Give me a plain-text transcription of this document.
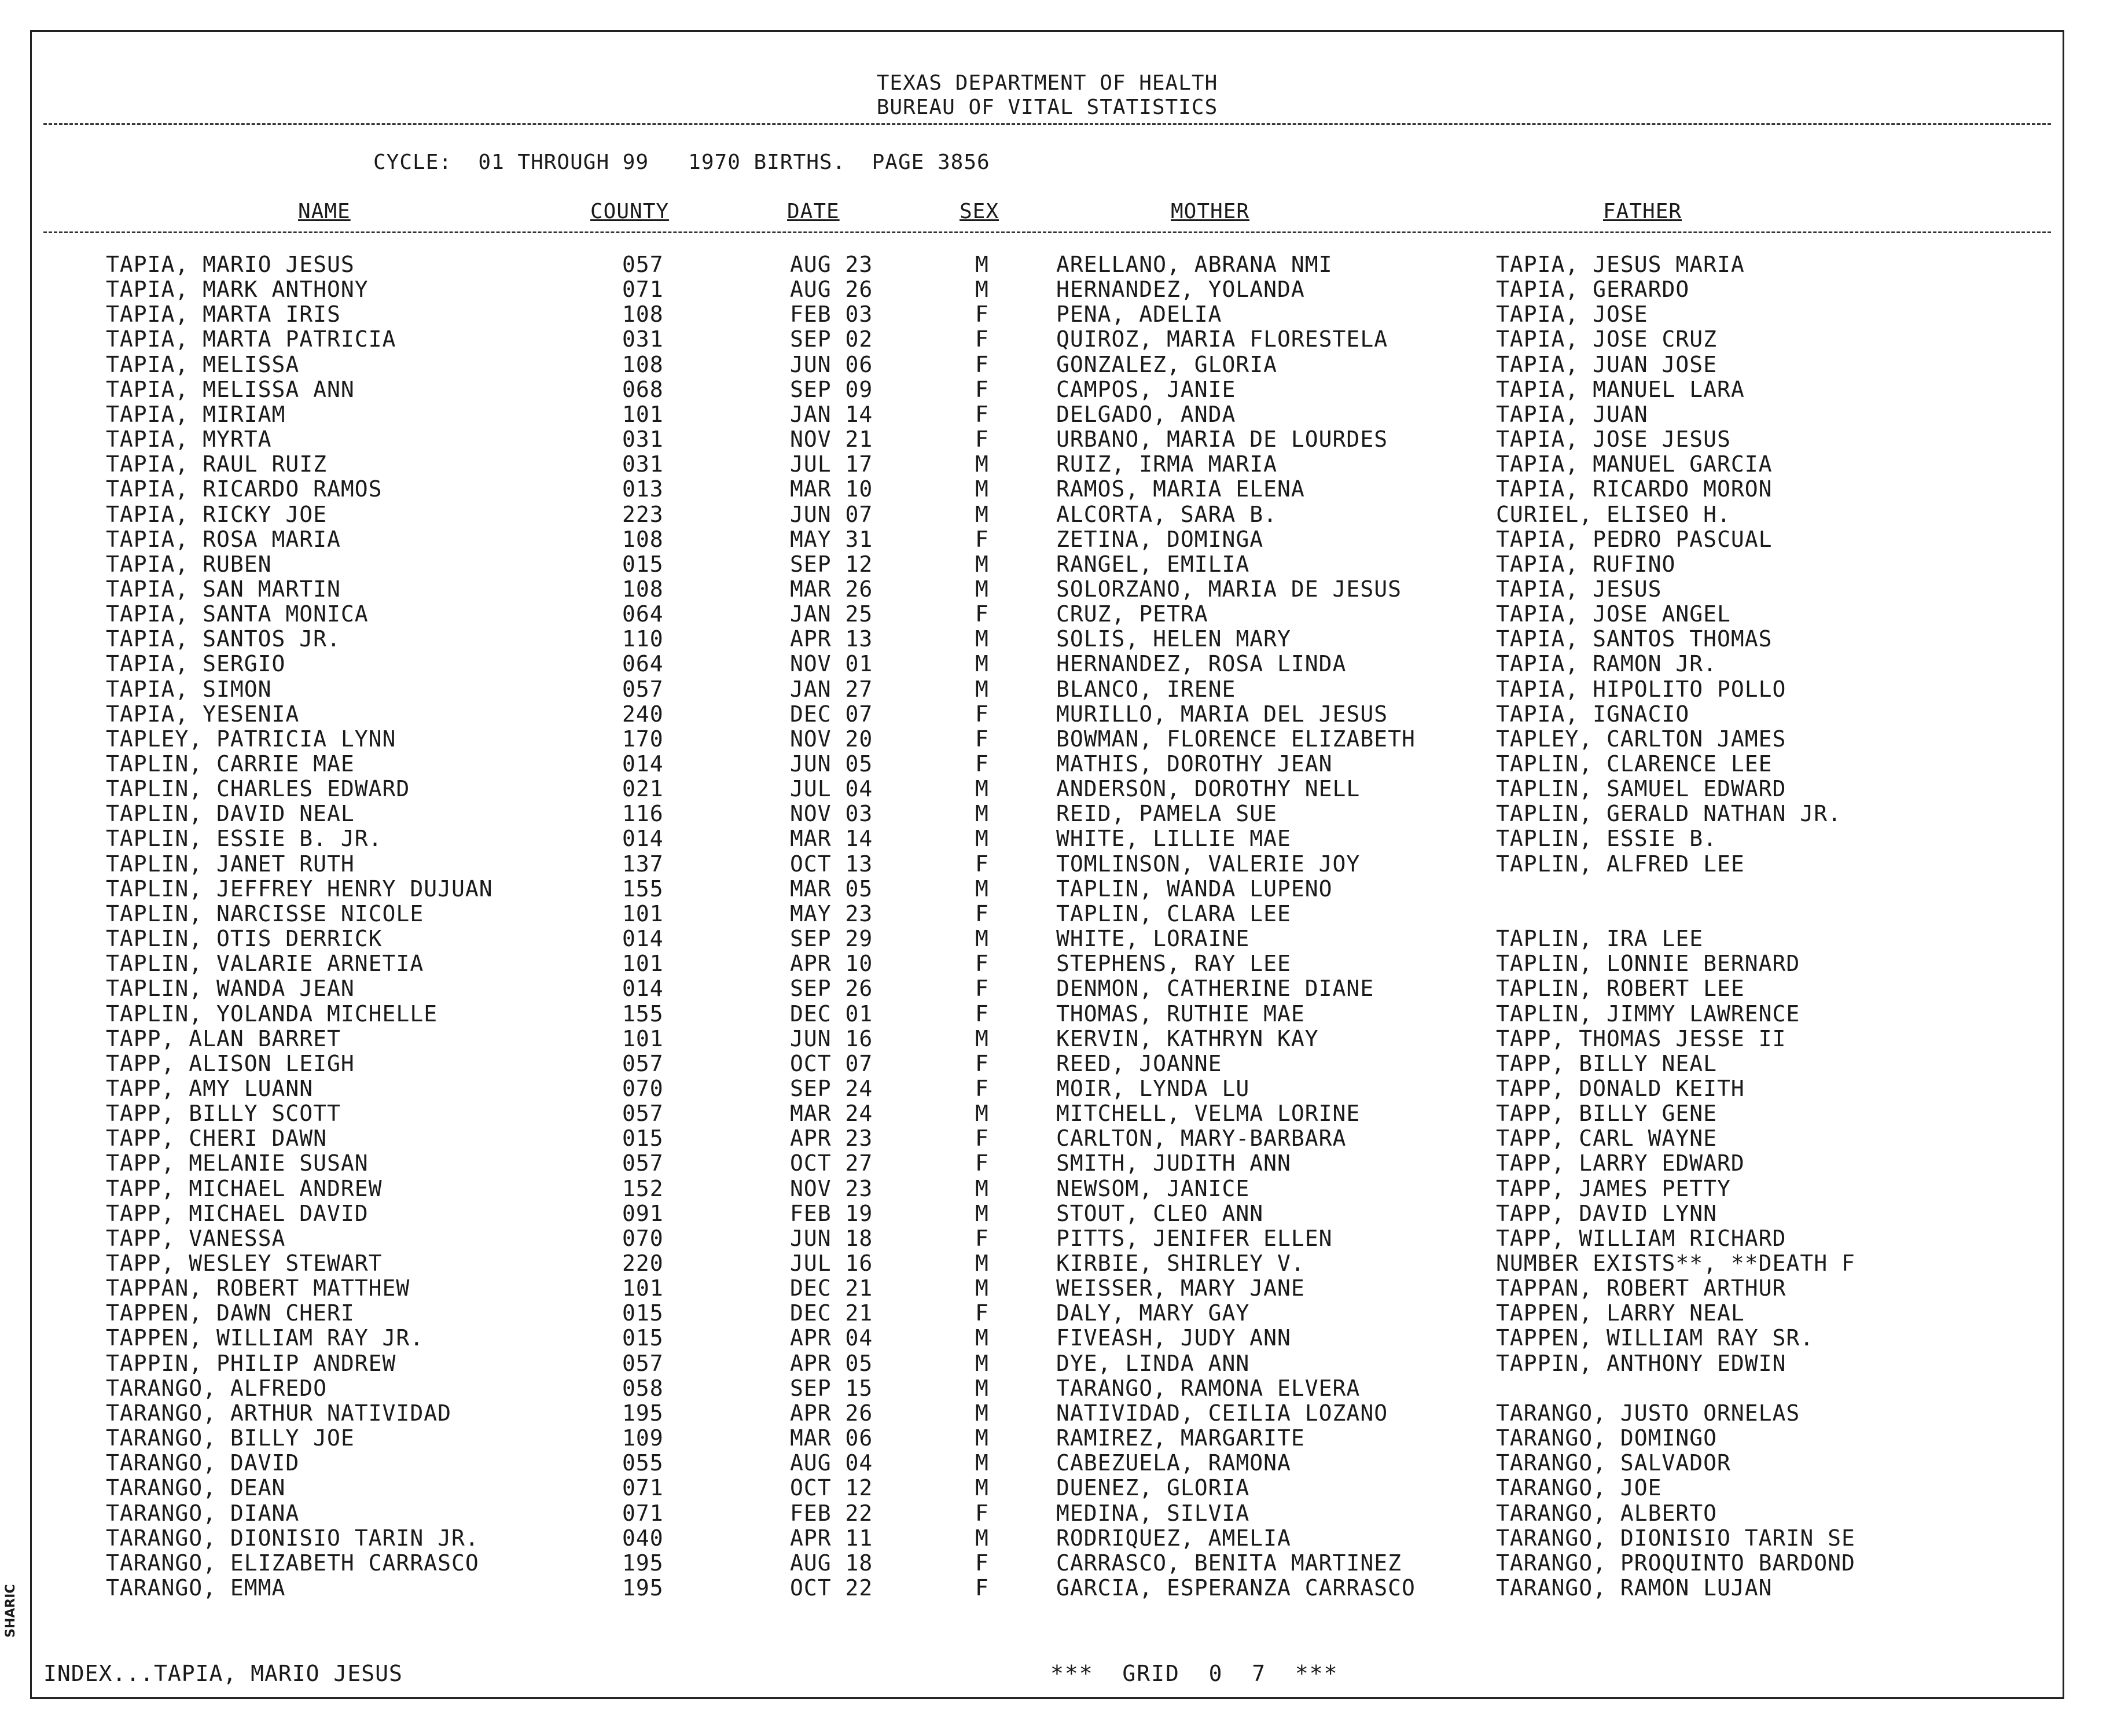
TEXAS DEPARTMENT OF HEALTH
BUREAU OF VITAL STATISTICS
CYCLE:  01 THROUGH 99   1970 BIRTHS.  PAGE 3856
NAME	COUNTY	DATE	SEX	MOTHER	FATHER
TAPIA, MARIO JESUS	057	AUG 23	M	ARELLANO, ABRANA NMI	TAPIA, JESUS MARIA
TAPIA, MARK ANTHONY	071	AUG 26	M	HERNANDEZ, YOLANDA	TAPIA, GERARDO
TAPIA, MARTA IRIS	108	FEB 03	F	PENA, ADELIA	TAPIA, JOSE
TAPIA, MARTA PATRICIA	031	SEP 02	F	QUIROZ, MARIA FLORESTELA	TAPIA, JOSE CRUZ
TAPIA, MELISSA	108	JUN 06	F	GONZALEZ, GLORIA	TAPIA, JUAN JOSE
TAPIA, MELISSA ANN	068	SEP 09	F	CAMPOS, JANIE	TAPIA, MANUEL LARA
TAPIA, MIRIAM	101	JAN 14	F	DELGADO, ANDA	TAPIA, JUAN
TAPIA, MYRTA	031	NOV 21	F	URBANO, MARIA DE LOURDES	TAPIA, JOSE JESUS
TAPIA, RAUL RUIZ	031	JUL 17	M	RUIZ, IRMA MARIA	TAPIA, MANUEL GARCIA
TAPIA, RICARDO RAMOS	013	MAR 10	M	RAMOS, MARIA ELENA	TAPIA, RICARDO MORON
TAPIA, RICKY JOE	223	JUN 07	M	ALCORTA, SARA B.	CURIEL, ELISEO H.
TAPIA, ROSA MARIA	108	MAY 31	F	ZETINA, DOMINGA	TAPIA, PEDRO PASCUAL
TAPIA, RUBEN	015	SEP 12	M	RANGEL, EMILIA	TAPIA, RUFINO
TAPIA, SAN MARTIN	108	MAR 26	M	SOLORZANO, MARIA DE JESUS	TAPIA, JESUS
TAPIA, SANTA MONICA	064	JAN 25	F	CRUZ, PETRA	TAPIA, JOSE ANGEL
TAPIA, SANTOS JR.	110	APR 13	M	SOLIS, HELEN MARY	TAPIA, SANTOS THOMAS
TAPIA, SERGIO	064	NOV 01	M	HERNANDEZ, ROSA LINDA	TAPIA, RAMON JR.
TAPIA, SIMON	057	JAN 27	M	BLANCO, IRENE	TAPIA, HIPOLITO POLLO
TAPIA, YESENIA	240	DEC 07	F	MURILLO, MARIA DEL JESUS	TAPIA, IGNACIO
TAPLEY, PATRICIA LYNN	170	NOV 20	F	BOWMAN, FLORENCE ELIZABETH	TAPLEY, CARLTON JAMES
TAPLIN, CARRIE MAE	014	JUN 05	F	MATHIS, DOROTHY JEAN	TAPLIN, CLARENCE LEE
TAPLIN, CHARLES EDWARD	021	JUL 04	M	ANDERSON, DOROTHY NELL	TAPLIN, SAMUEL EDWARD
TAPLIN, DAVID NEAL	116	NOV 03	M	REID, PAMELA SUE	TAPLIN, GERALD NATHAN JR.
TAPLIN, ESSIE B. JR.	014	MAR 14	M	WHITE, LILLIE MAE	TAPLIN, ESSIE B.
TAPLIN, JANET RUTH	137	OCT 13	F	TOMLINSON, VALERIE JOY	TAPLIN, ALFRED LEE
TAPLIN, JEFFREY HENRY DUJUAN	155	MAR 05	M	TAPLIN, WANDA LUPENO
TAPLIN, NARCISSE NICOLE	101	MAY 23	F	TAPLIN, CLARA LEE
TAPLIN, OTIS DERRICK	014	SEP 29	M	WHITE, LORAINE	TAPLIN, IRA LEE
TAPLIN, VALARIE ARNETIA	101	APR 10	F	STEPHENS, RAY LEE	TAPLIN, LONNIE BERNARD
TAPLIN, WANDA JEAN	014	SEP 26	F	DENMON, CATHERINE DIANE	TAPLIN, ROBERT LEE
TAPLIN, YOLANDA MICHELLE	155	DEC 01	F	THOMAS, RUTHIE MAE	TAPLIN, JIMMY LAWRENCE
TAPP, ALAN BARRET	101	JUN 16	M	KERVIN, KATHRYN KAY	TAPP, THOMAS JESSE II
TAPP, ALISON LEIGH	057	OCT 07	F	REED, JOANNE	TAPP, BILLY NEAL
TAPP, AMY LUANN	070	SEP 24	F	MOIR, LYNDA LU	TAPP, DONALD KEITH
TAPP, BILLY SCOTT	057	MAR 24	M	MITCHELL, VELMA LORINE	TAPP, BILLY GENE
TAPP, CHERI DAWN	015	APR 23	F	CARLTON, MARY-BARBARA	TAPP, CARL WAYNE
TAPP, MELANIE SUSAN	057	OCT 27	F	SMITH, JUDITH ANN	TAPP, LARRY EDWARD
TAPP, MICHAEL ANDREW	152	NOV 23	M	NEWSOM, JANICE	TAPP, JAMES PETTY
TAPP, MICHAEL DAVID	091	FEB 19	M	STOUT, CLEO ANN	TAPP, DAVID LYNN
TAPP, VANESSA	070	JUN 18	F	PITTS, JENIFER ELLEN	TAPP, WILLIAM RICHARD
TAPP, WESLEY STEWART	220	JUL 16	M	KIRBIE, SHIRLEY V.	NUMBER EXISTS**, **DEATH F
TAPPAN, ROBERT MATTHEW	101	DEC 21	M	WEISSER, MARY JANE	TAPPAN, ROBERT ARTHUR
TAPPEN, DAWN CHERI	015	DEC 21	F	DALY, MARY GAY	TAPPEN, LARRY NEAL
TAPPEN, WILLIAM RAY JR.	015	APR 04	M	FIVEASH, JUDY ANN	TAPPEN, WILLIAM RAY SR.
TAPPIN, PHILIP ANDREW	057	APR 05	M	DYE, LINDA ANN	TAPPIN, ANTHONY EDWIN
TARANGO, ALFREDO	058	SEP 15	M	TARANGO, RAMONA ELVERA
TARANGO, ARTHUR NATIVIDAD	195	APR 26	M	NATIVIDAD, CEILIA LOZANO	TARANGO, JUSTO ORNELAS
TARANGO, BILLY JOE	109	MAR 06	M	RAMIREZ, MARGARITE	TARANGO, DOMINGO
TARANGO, DAVID	055	AUG 04	M	CABEZUELA, RAMONA	TARANGO, SALVADOR
TARANGO, DEAN	071	OCT 12	M	DUENEZ, GLORIA	TARANGO, JOE
TARANGO, DIANA	071	FEB 22	F	MEDINA, SILVIA	TARANGO, ALBERTO
TARANGO, DIONISIO TARIN JR.	040	APR 11	M	RODRIQUEZ, AMELIA	TARANGO, DIONISIO TARIN SE
TARANGO, ELIZABETH CARRASCO	195	AUG 18	F	CARRASCO, BENITA MARTINEZ	TARANGO, PROQUINTO BARDOND
TARANGO, EMMA	195	OCT 22	F	GARCIA, ESPERANZA CARRASCO	TARANGO, RAMON LUJAN
INDEX...TAPIA, MARIO JESUS	***  GRID  0  7  ***
SHARIC
